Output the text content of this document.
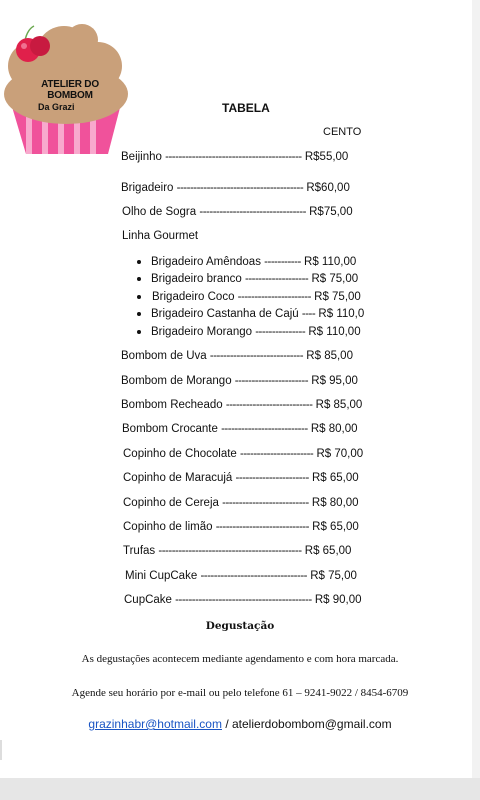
ATELIER DO BOMBOM
Da Grazi	TABELA
CENTO
Beijinho ----------------------------------------- R$55,00
Brigadeiro -------------------------------------- R$60,00
Olho de Sogra -------------------------------- R$75,00
Linha Gourmet
Brigadeiro Amêndoas ----------- R$ 110,00
Brigadeiro branco ------------------- R$ 75,00
Brigadeiro Coco ---------------------- R$ 75,00
Brigadeiro Castanha de Cajú ---- R$ 110,0
Brigadeiro Morango --------------- R$ 110,00
Bombom de Uva ---------------------------- R$ 85,00
Bombom de Morango ---------------------- R$ 95,00
Bombom Recheado -------------------------- R$ 85,00
Bombom Crocante -------------------------- R$ 80,00
Copinho de Chocolate ---------------------- R$ 70,00
Copinho de Maracujá ---------------------- R$ 65,00
Copinho de Cereja -------------------------- R$ 80,00
Copinho de limão ---------------------------- R$ 65,00
Trufas ------------------------------------------- R$ 65,00
Mini CupCake -------------------------------- R$ 75,00
CupCake ----------------------------------------- R$ 90,00
Degustação
As degustações acontecem mediante agendamento e com hora marcada.
Agende seu horário por e-mail ou pelo telefone 61 – 9241-9022 / 8454-6709
grazinhabr@hotmail.com / atelierdobombom@gmail.com
